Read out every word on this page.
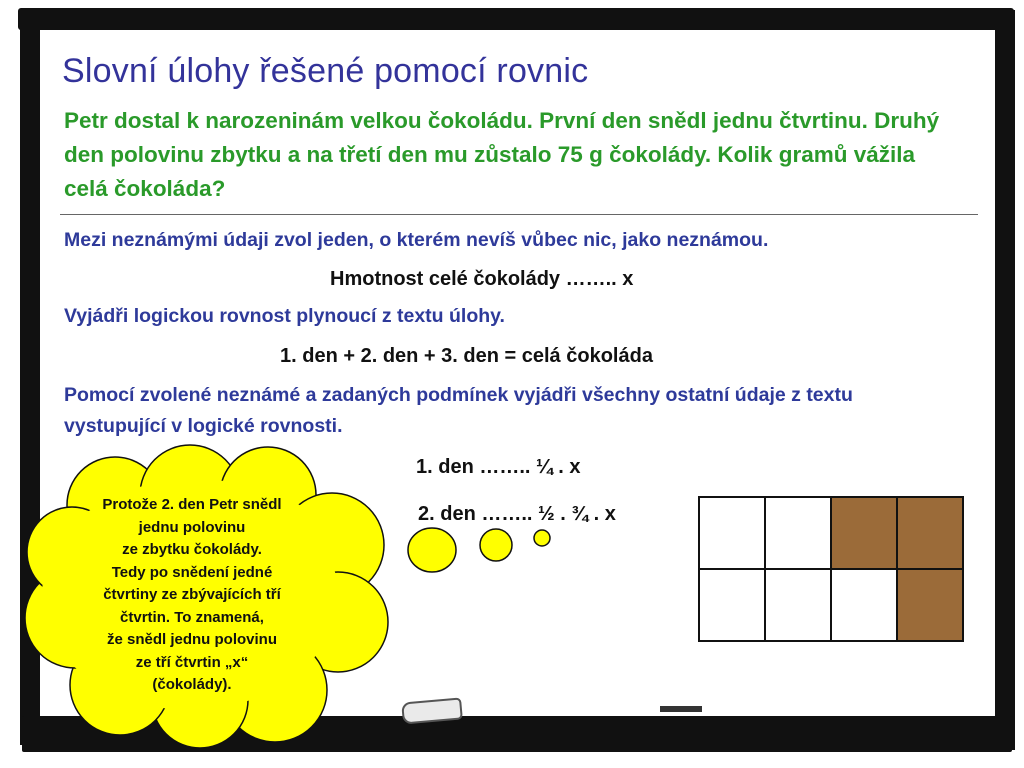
Slovní úlohy řešené pomocí rovnic

Petr dostal k narozeninám velkou čokoládu. První den snědl jednu čtvrtinu. Druhý den polovinu zbytku a na třetí den mu zůstalo 75 g čokolády. Kolik gramů vážila celá čokoláda?

Mezi neznámými údaji zvol jeden, o kterém nevíš vůbec nic, jako neznámou.

Hmotnost celé čokolády …….. x

Vyjádři logickou rovnost plynoucí z textu úlohy.

1. den + 2. den + 3. den = celá čokoláda

Pomocí zvolené neznámé a zadaných podmínek vyjádři všechny ostatní údaje z textu vystupující v logické rovnosti.

1. den …….. ¼ . x

2. den …….. ½ . ¾ . x

Protože 2. den Petr snědl
jednu polovinu
ze zbytku čokolády.
Tedy po snědení jedné
čtvrtiny ze zbývajících tří
čtvrtin. To znamená,
že snědl jednu polovinu
ze tří čtvrtin „x“
(čokolády).
